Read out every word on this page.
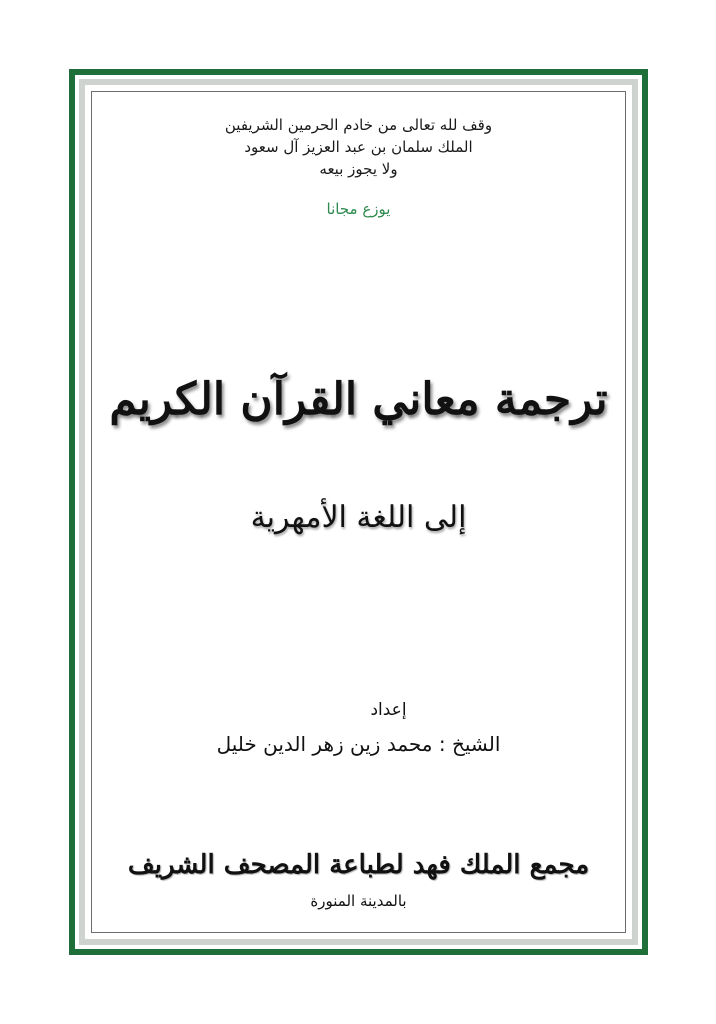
وقف لله تعالى من خادم الحرمين الشريفين
الملك سلمان بن عبد العزيز آل سعود
ولا يجوز بيعه
يوزع مجانا
ترجمة معاني القرآن الكريم
إلى اللغة الأمهرية
إعداد
الشيخ : محمد زين زهر الدين خليل
مجمع الملك فهد لطباعة المصحف الشريف
بالمدينة المنورة
